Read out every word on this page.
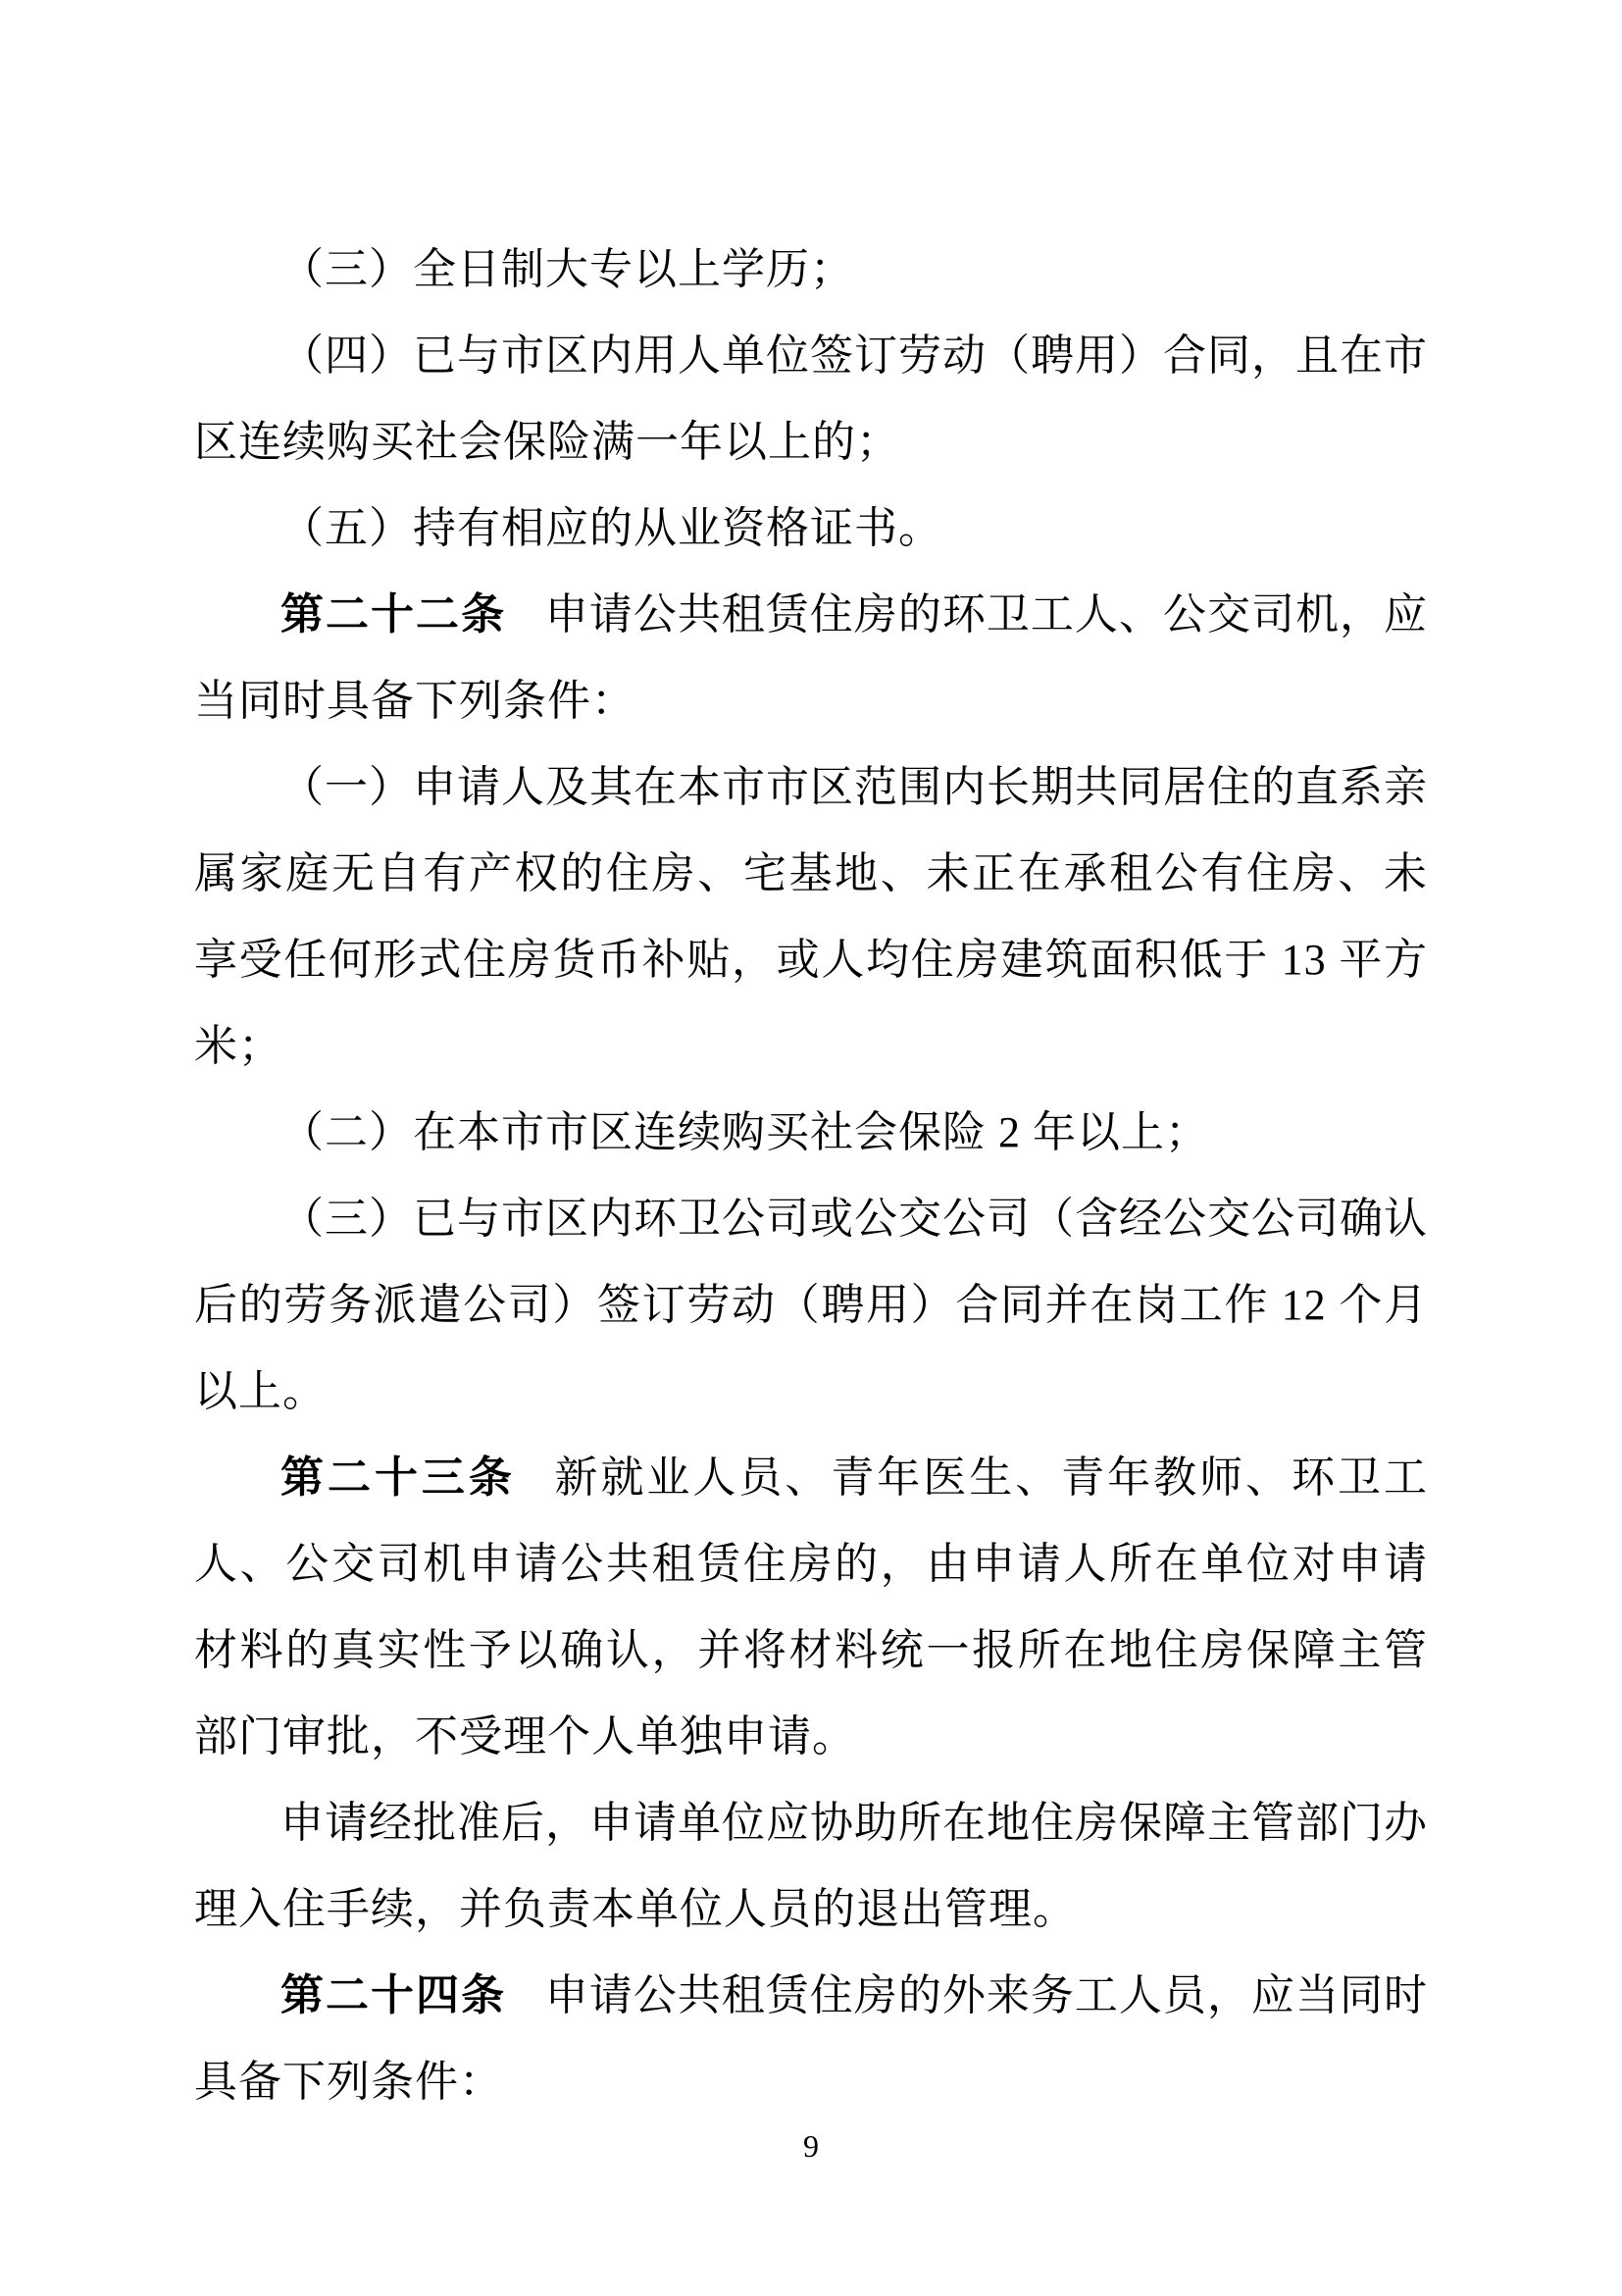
（三）全日制大专以上学历；

（四）已与市区内用人单位签订劳动（聘用）合同，且在市区连续购买社会保险满一年以上的；

（五）持有相应的从业资格证书。

第二十二条 申请公共租赁住房的环卫工人、公交司机，应当同时具备下列条件：

（一）申请人及其在本市市区范围内长期共同居住的直系亲属家庭无自有产权的住房、宅基地、未正在承租公有住房、未享受任何形式住房货币补贴，或人均住房建筑面积低于 13 平方米；

（二）在本市市区连续购买社会保险 2 年以上；

（三）已与市区内环卫公司或公交公司（含经公交公司确认后的劳务派遣公司）签订劳动（聘用）合同并在岗工作 12 个月以上。

第二十三条 新就业人员、青年医生、青年教师、环卫工人、公交司机申请公共租赁住房的，由申请人所在单位对申请材料的真实性予以确认，并将材料统一报所在地住房保障主管部门审批，不受理个人单独申请。

申请经批准后，申请单位应协助所在地住房保障主管部门办理入住手续，并负责本单位人员的退出管理。

第二十四条 申请公共租赁住房的外来务工人员，应当同时具备下列条件：

9
